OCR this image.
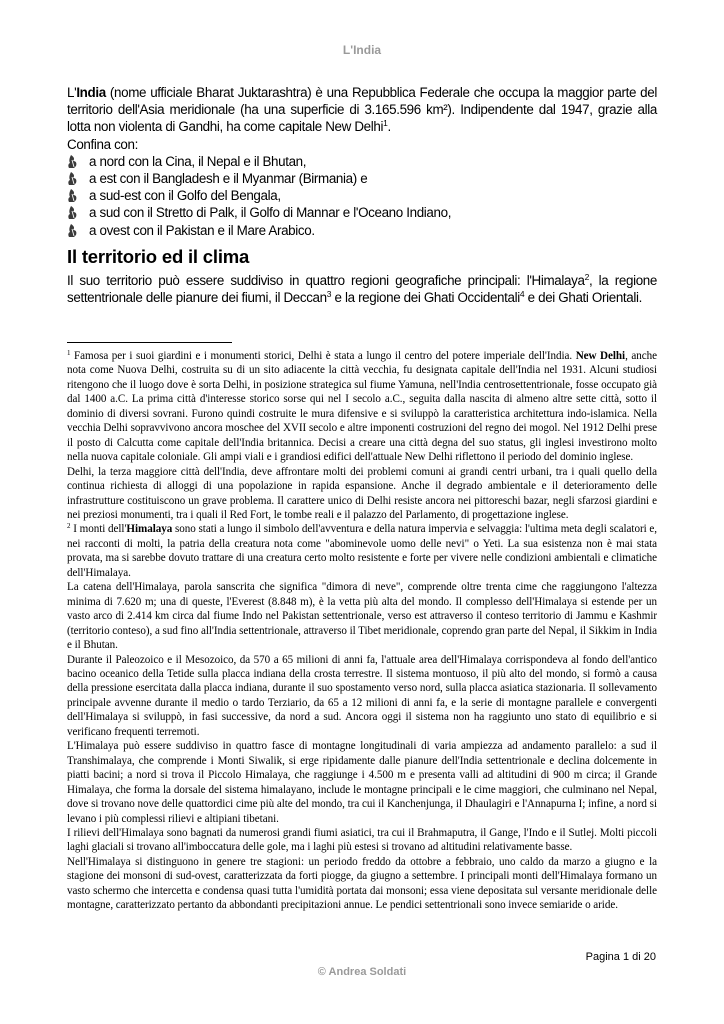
L'India

L'India (nome ufficiale Bharat Juktarashtra) è una Repubblica Federale che occupa la maggior parte del territorio dell'Asia meridionale (ha una superficie di 3.165.596 km²). Indipendente dal 1947, grazie alla lotta non violenta di Gandhi, ha come capitale New Delhi$^1$.

Confina con:

a nord con la Cina, il Nepal e il Bhutan,
a est con il Bangladesh e il Myanmar (Birmania) e
a sud-est con il Golfo del Bengala,
a sud con il Stretto di Palk, il Golfo di Mannar e l'Oceano Indiano,
a ovest con il Pakistan e il Mare Arabico.
Il territorio ed il clima

Il suo territorio può essere suddiviso in quattro regioni geografiche principali: l'Himalaya$^2$, la regione settentrionale delle pianure dei fiumi, il Deccan$^3$ e la regione dei Ghati Occidentali$^4$ e dei Ghati Orientali.

$^1$ Famosa per i suoi giardini e i monumenti storici, Delhi è stata a lungo il centro del potere imperiale dell'India. New Delhi, anche nota come Nuova Delhi, costruita su di un sito adiacente la città vecchia, fu designata capitale dell'India nel 1931. Alcuni studiosi ritengono che il luogo dove è sorta Delhi, in posizione strategica sul fiume Yamuna, nell'India centrosettentrionale, fosse occupato già dal 1400 a.C. La prima città d'interesse storico sorse qui nel I secolo a.C., seguita dalla nascita di almeno altre sette città, sotto il dominio di diversi sovrani. Furono quindi costruite le mura difensive e si sviluppò la caratteristica architettura indo-islamica. Nella vecchia Delhi sopravvivono ancora moschee del XVII secolo e altre imponenti costruzioni del regno dei mogol. Nel 1912 Delhi prese il posto di Calcutta come capitale dell'India britannica. Decisi a creare una città degna del suo status, gli inglesi investirono molto nella nuova capitale coloniale. Gli ampi viali e i grandiosi edifici dell'attuale New Delhi riflettono il periodo del dominio inglese.

Delhi, la terza maggiore città dell'India, deve affrontare molti dei problemi comuni ai grandi centri urbani, tra i quali quello della continua richiesta di alloggi di una popolazione in rapida espansione. Anche il degrado ambientale e il deterioramento delle infrastrutture costituiscono un grave problema. Il carattere unico di Delhi resiste ancora nei pittoreschi bazar, negli sfarzosi giardini e nei preziosi monumenti, tra i quali il Red Fort, le tombe reali e il palazzo del Parlamento, di progettazione inglese.

$^2$ I monti dell'Himalaya sono stati a lungo il simbolo dell'avventura e della natura impervia e selvaggia: l'ultima meta degli scalatori e, nei racconti di molti, la patria della creatura nota come "abominevole uomo delle nevi" o Yeti. La sua esistenza non è mai stata provata, ma si sarebbe dovuto trattare di una creatura certo molto resistente e forte per vivere nelle condizioni ambientali e climatiche dell'Himalaya.

La catena dell'Himalaya, parola sanscrita che significa "dimora di neve", comprende oltre trenta cime che raggiungono l'altezza minima di 7.620 m; una di queste, l'Everest (8.848 m), è la vetta più alta del mondo. Il complesso dell'Himalaya si estende per un vasto arco di 2.414 km circa dal fiume Indo nel Pakistan settentrionale, verso est attraverso il conteso territorio di Jammu e Kashmir (territorio conteso), a sud fino all'India settentrionale, attraverso il Tibet meridionale, coprendo gran parte del Nepal, il Sikkim in India e il Bhutan.

Durante il Paleozoico e il Mesozoico, da 570 a 65 milioni di anni fa, l'attuale area dell'Himalaya corrispondeva al fondo dell'antico bacino oceanico della Tetide sulla placca indiana della crosta terrestre. Il sistema montuoso, il più alto del mondo, si formò a causa della pressione esercitata dalla placca indiana, durante il suo spostamento verso nord, sulla placca asiatica stazionaria. Il sollevamento principale avvenne durante il medio o tardo Terziario, da 65 a 12 milioni di anni fa, e la serie di montagne parallele e convergenti dell'Himalaya si sviluppò, in fasi successive, da nord a sud. Ancora oggi il sistema non ha raggiunto uno stato di equilibrio e si verificano frequenti terremoti.

L'Himalaya può essere suddiviso in quattro fasce di montagne longitudinali di varia ampiezza ad andamento parallelo: a sud il Transhimalaya, che comprende i Monti Siwalik, si erge ripidamente dalle pianure dell'India settentrionale e declina dolcemente in piatti bacini; a nord si trova il Piccolo Himalaya, che raggiunge i 4.500 m e presenta valli ad altitudini di 900 m circa; il Grande Himalaya, che forma la dorsale del sistema himalayano, include le montagne principali e le cime maggiori, che culminano nel Nepal, dove si trovano nove delle quattordici cime più alte del mondo, tra cui il Kanchenjunga, il Dhaulagiri e l'Annapurna I; infine, a nord si levano i più complessi rilievi e altipiani tibetani.

I rilievi dell'Himalaya sono bagnati da numerosi grandi fiumi asiatici, tra cui il Brahmaputra, il Gange, l'Indo e il Sutlej. Molti piccoli laghi glaciali si trovano all'imboccatura delle gole, ma i laghi più estesi si trovano ad altitudini relativamente basse.

Nell'Himalaya si distinguono in genere tre stagioni: un periodo freddo da ottobre a febbraio, uno caldo da marzo a giugno e la stagione dei monsoni di sud-ovest, caratterizzata da forti piogge, da giugno a settembre. I principali monti dell'Himalaya formano un vasto schermo che intercetta e condensa quasi tutta l'umidità portata dai monsoni; essa viene depositata sul versante meridionale delle montagne, caratterizzato pertanto da abbondanti precipitazioni annue. Le pendici settentrionali sono invece semiaride o aride.

Pagina 1 di 20
© Andrea Soldati
